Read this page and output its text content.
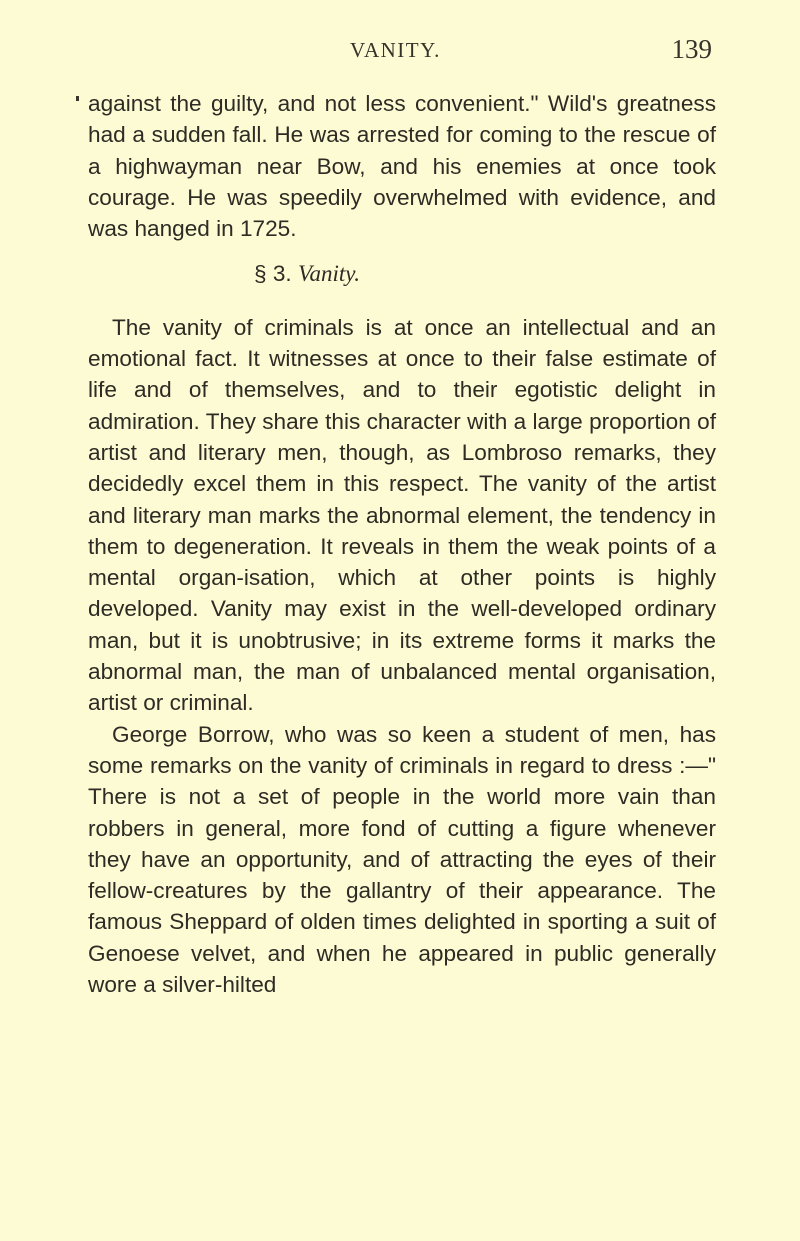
VANITY.	139

against the guilty, and not less convenient." Wild's greatness had a sudden fall. He was arrested for coming to the rescue of a highwayman near Bow, and his enemies at once took courage. He was speedily overwhelmed with evidence, and was hanged in 1725.

§ 3. Vanity.

The vanity of criminals is at once an intellectual and an emotional fact. It witnesses at once to their false estimate of life and of themselves, and to their egotistic delight in admiration. They share this character with a large proportion of artist and literary men, though, as Lombroso remarks, they decidedly excel them in this respect. The vanity of the artist and literary man marks the abnormal element, the tendency in them to degeneration. It reveals in them the weak points of a mental organ-isation, which at other points is highly developed. Vanity may exist in the well-developed ordinary man, but it is unobtrusive; in its extreme forms it marks the abnormal man, the man of unbalanced mental organisation, artist or criminal.

George Borrow, who was so keen a student of men, has some remarks on the vanity of criminals in regard to dress :—" There is not a set of people in the world more vain than robbers in general, more fond of cutting a figure whenever they have an opportunity, and of attracting the eyes of their fellow-creatures by the gallantry of their appearance. The famous Sheppard of olden times delighted in sporting a suit of Genoese velvet, and when he appeared in public generally wore a silver-hilted
